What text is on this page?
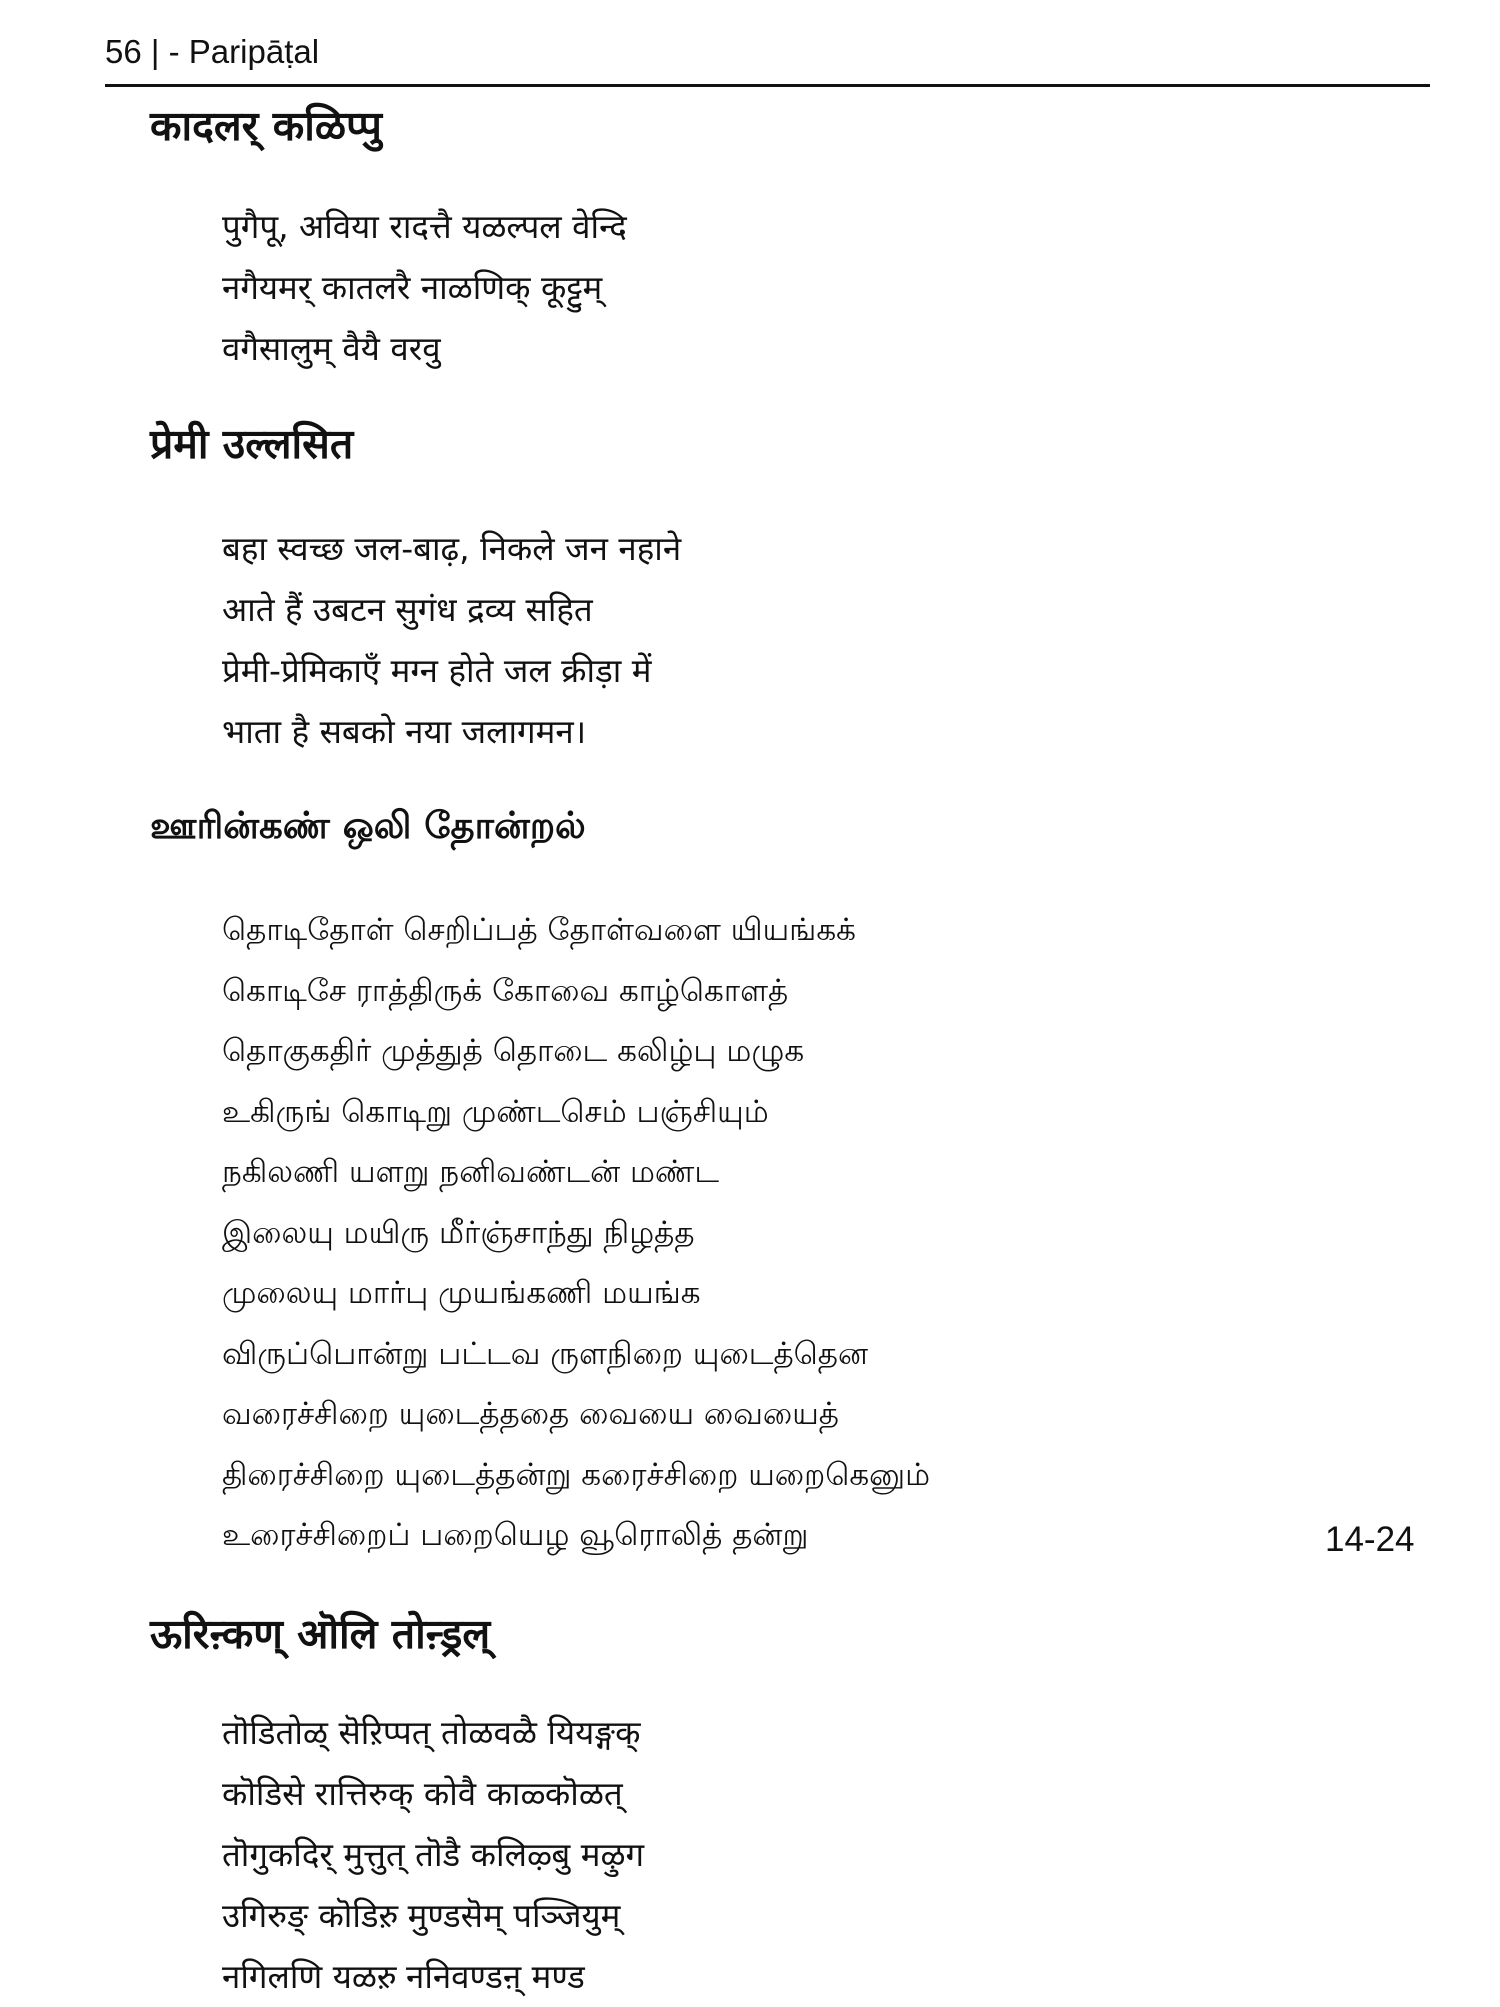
56 | - Paripāṭal
कादलर् कळिप्पु
पुगैपू, अविया रादत्तै यळल्पल वेन्दि
नगैयमर् कातलरै नाळणिक् कूट्टुम्
वगैसालुम् वैयै वरवु
प्रेमी उल्लसित
बहा स्वच्छ जल-बाढ़, निकले जन नहाने
आते हैं उबटन सुगंध द्रव्य सहित
प्रेमी-प्रेमिकाएँ मग्न होते जल क्रीड़ा में
भाता है सबको नया जलागमन।
ஊரின்கண் ஒலி தோன்றல்
தொடிதோள் செறிப்பத் தோள்வளை யியங்கக்
கொடிசே ராத்திருக் கோவை காழ்கொளத்
தொகுகதிர் முத்துத் தொடை கலிழ்பு மழுக
உகிருங் கொடிறு முண்டசெம் பஞ்சியும்
நகிலணி யளறு நனிவண்டன் மண்ட
இலையு மயிரு மீர்ஞ்சாந்து நிழத்த
முலையு மார்பு முயங்கணி மயங்க
விருப்பொன்று பட்டவ ருளநிறை யுடைத்தென
வரைச்சிறை யுடைத்ததை வையை வையைத்
திரைச்சிறை யுடைத்தன்று கரைச்சிறை யறைகெனும்
உரைச்சிறைப் பறையெழ வூரொலித் தன்று	14-24
ऊरिऩ्कण् ऒलि तोऩ्ड्रल्
तॊडितोळ् सॆऱिप्पत् तोळवळै यियङ्गक्
कॊडिसे रात्तिरुक् कोवै काळ्कॊळत्
तॊगुकदिर् मुत्तुत् तॊडै कलिऴ्बु मऴुग
उगिरुङ् कॊडिऱु मुण्डसॆम् पञ्जियुम्
नगिलणि यळऱु ननिवण्डऩ् मण्ड
